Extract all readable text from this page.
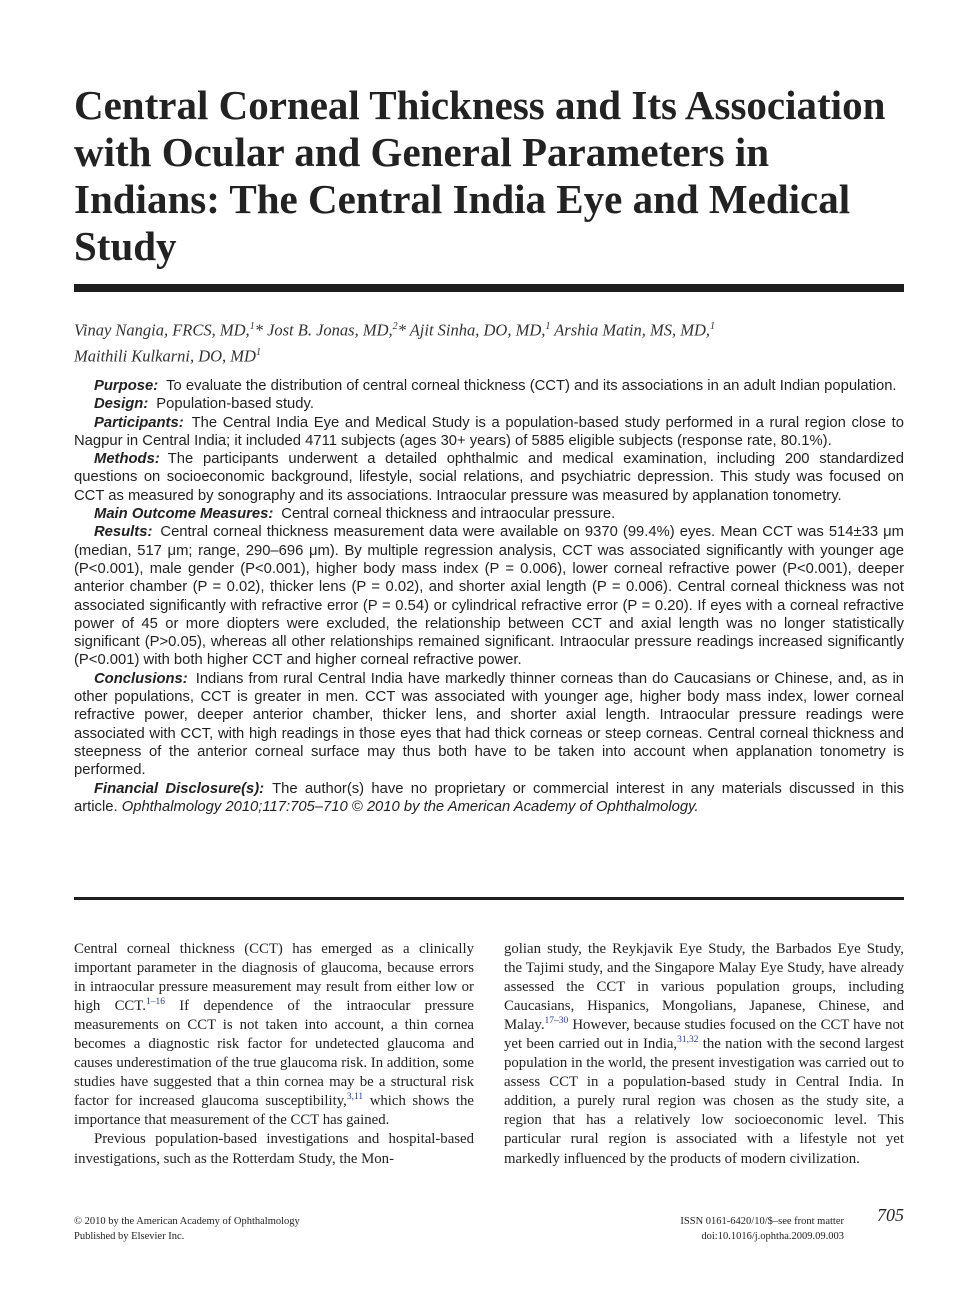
Central Corneal Thickness and Its Association with Ocular and General Parameters in Indians: The Central India Eye and Medical Study
Vinay Nangia, FRCS, MD,$^1$* Jost B. Jonas, MD,$^2$* Ajit Sinha, DO, MD,$^1$ Arshia Matin, MS, MD,$^1$
Maithili Kulkarni, DO, $MD^1$

Purpose: To evaluate the distribution of central corneal thickness (CCT) and its associations in an adult Indian population.

Design: Population-based study.

Participants: The Central India Eye and Medical Study is a population-based study performed in a rural region close to Nagpur in Central India; it included 4711 subjects (ages 30+ years) of 5885 eligible subjects (response rate, 80.1%).

Methods: The participants underwent a detailed ophthalmic and medical examination, including 200 standardized questions on socioeconomic background, lifestyle, social relations, and psychiatric depression. This study was focused on CCT as measured by sonography and its associations. Intraocular pressure was measured by applanation tonometry.

Main Outcome Measures: Central corneal thickness and intraocular pressure.

Results: Central corneal thickness measurement data were available on 9370 (99.4%) eyes. Mean CCT was 514±33 μm (median, 517 μm; range, 290–696 μm). By multiple regression analysis, CCT was associated significantly with younger age (P<0.001), male gender (P<0.001), higher body mass index (P = 0.006), lower corneal refractive power (P<0.001), deeper anterior chamber (P = 0.02), thicker lens (P = 0.02), and shorter axial length (P = 0.006). Central corneal thickness was not associated significantly with refractive error (P = 0.54) or cylindrical refractive error (P = 0.20). If eyes with a corneal refractive power of 45 or more diopters were excluded, the relationship between CCT and axial length was no longer statistically significant (P>0.05), whereas all other relationships remained significant. Intraocular pressure readings increased significantly (P<0.001) with both higher CCT and higher corneal refractive power.

Conclusions: Indians from rural Central India have markedly thinner corneas than do Caucasians or Chinese, and, as in other populations, CCT is greater in men. CCT was associated with younger age, higher body mass index, lower corneal refractive power, deeper anterior chamber, thicker lens, and shorter axial length. Intraocular pressure readings were associated with CCT, with high readings in those eyes that had thick corneas or steep corneas. Central corneal thickness and steepness of the anterior corneal surface may thus both have to be taken into account when applanation tonometry is performed.

Financial Disclosure(s): The author(s) have no proprietary or commercial interest in any materials discussed in this article. Ophthalmology 2010;117:705–710 © 2010 by the American Academy of Ophthalmology.

Central corneal thickness (CCT) has emerged as a clinically important parameter in the diagnosis of glaucoma, because errors in intraocular pressure measurement may result from either low or high CCT.$^{1-16}$ If dependence of the intraocular pressure measurements on CCT is not taken into account, a thin cornea becomes a diagnostic risk factor for undetected glaucoma and causes underestimation of the true glaucoma risk. In addition, some studies have suggested that a thin cornea may be a structural risk factor for increased glaucoma susceptibility,$^{3,11}$ which shows the importance that measurement of the CCT has gained.

Previous population-based investigations and hospital-based investigations, such as the Rotterdam Study, the Mon-

golian study, the Reykjavik Eye Study, the Barbados Eye Study, the Tajimi study, and the Singapore Malay Eye Study, have already assessed the CCT in various population groups, including Caucasians, Hispanics, Mongolians, Japanese, Chinese, and Malay.$^{17-30}$ However, because studies focused on the CCT have not yet been carried out in India,$^{31,32}$ the nation with the second largest population in the world, the present investigation was carried out to assess CCT in a population-based study in Central India. In addition, a purely rural region was chosen as the study site, a region that has a relatively low socioeconomic level. This particular rural region is associated with a lifestyle not yet markedly influenced by the products of modern civilization.

© 2010 by the American Academy of Ophthalmology
Published by Elsevier Inc.
ISSN 0161-6420/10/$–see front matter
doi:10.1016/j.ophtha.2009.09.003
705
